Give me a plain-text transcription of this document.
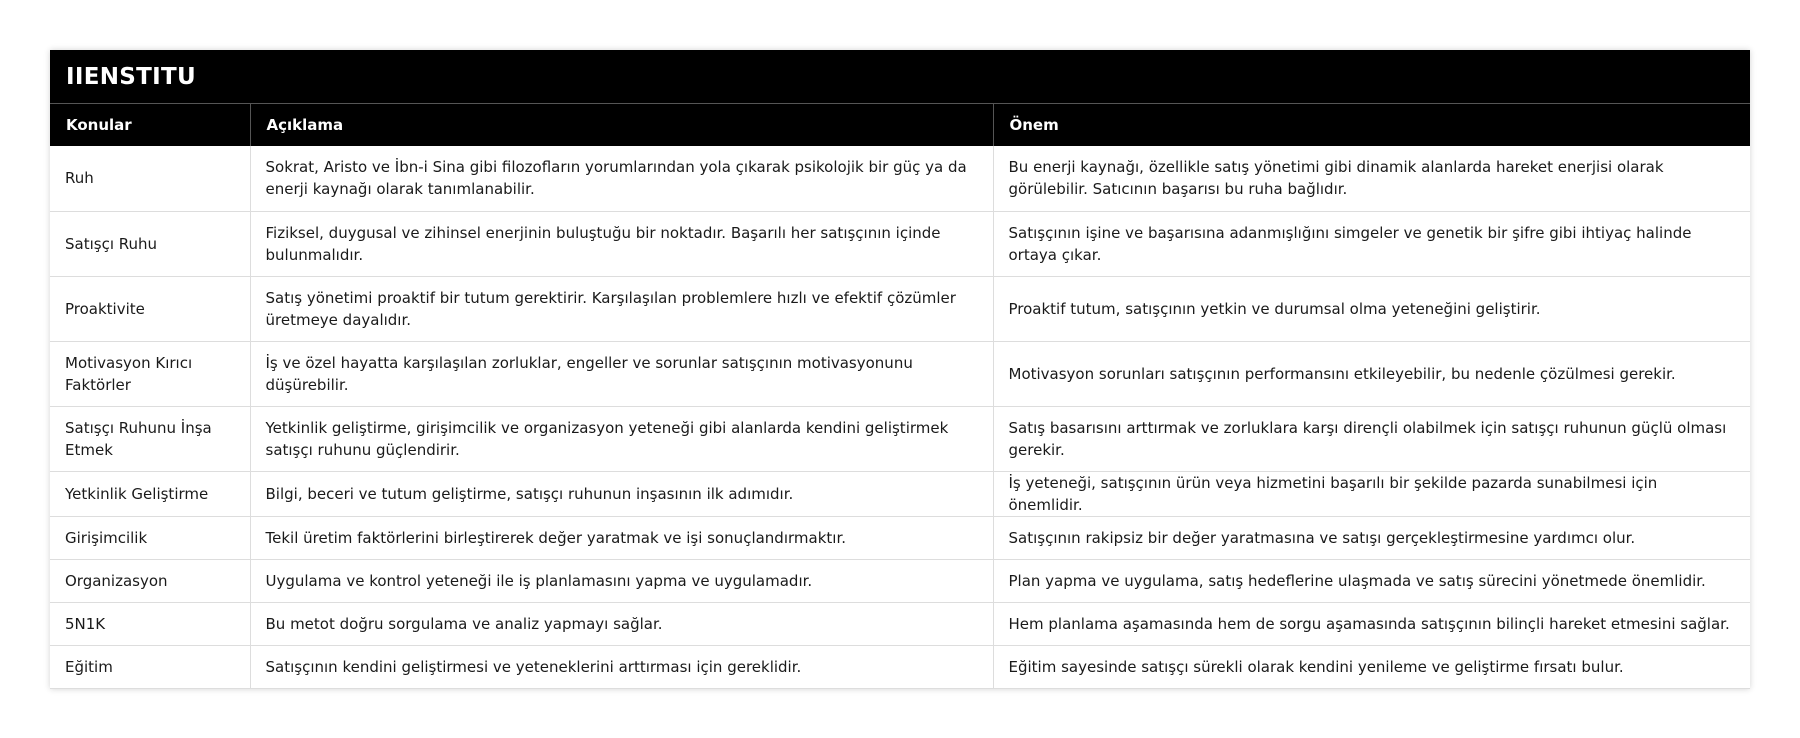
IIENSTITU
Konular	Açıklama	Önem
Ruh	Sokrat, Aristo ve İbn-i Sina gibi filozofların yorumlarından yola çıkarak psikolojik bir güç ya da enerji kaynağı olarak tanımlanabilir.	Bu enerji kaynağı, özellikle satış yönetimi gibi dinamik alanlarda hareket enerjisi olarak görülebilir. Satıcının başarısı bu ruha bağlıdır.
Satışçı Ruhu	Fiziksel, duygusal ve zihinsel enerjinin buluştuğu bir noktadır. Başarılı her satışçının içinde bulunmalıdır.	Satışçının işine ve başarısına adanmışlığını simgeler ve genetik bir şifre gibi ihtiyaç halinde ortaya çıkar.
Proaktivite	Satış yönetimi proaktif bir tutum gerektirir. Karşılaşılan problemlere hızlı ve efektif çözümler üretmeye dayalıdır.	Proaktif tutum, satışçının yetkin ve durumsal olma yeteneğini geliştirir.
Motivasyon Kırıcı Faktörler	İş ve özel hayatta karşılaşılan zorluklar, engeller ve sorunlar satışçının motivasyonunu düşürebilir.	Motivasyon sorunları satışçının performansını etkileyebilir, bu nedenle çözülmesi gerekir.
Satışçı Ruhunu İnşa Etmek	Yetkinlik geliştirme, girişimcilik ve organizasyon yeteneği gibi alanlarda kendini geliştirmek satışçı ruhunu güçlendirir.	Satış basarısını arttırmak ve zorluklara karşı dirençli olabilmek için satışçı ruhunun güçlü olması gerekir.
Yetkinlik Geliştirme	Bilgi, beceri ve tutum geliştirme, satışçı ruhunun inşasının ilk adımıdır.	İş yeteneği, satışçının ürün veya hizmetini başarılı bir şekilde pazarda sunabilmesi için önemlidir.
Girişimcilik	Tekil üretim faktörlerini birleştirerek değer yaratmak ve işi sonuçlandırmaktır.	Satışçının rakipsiz bir değer yaratmasına ve satışı gerçekleştirmesine yardımcı olur.
Organizasyon	Uygulama ve kontrol yeteneği ile iş planlamasını yapma ve uygulamadır.	Plan yapma ve uygulama, satış hedeflerine ulaşmada ve satış sürecini yönetmede önemlidir.
5N1K	Bu metot doğru sorgulama ve analiz yapmayı sağlar.	Hem planlama aşamasında hem de sorgu aşamasında satışçının bilinçli hareket etmesini sağlar.
Eğitim	Satışçının kendini geliştirmesi ve yeteneklerini arttırması için gereklidir.	Eğitim sayesinde satışçı sürekli olarak kendini yenileme ve geliştirme fırsatı bulur.
